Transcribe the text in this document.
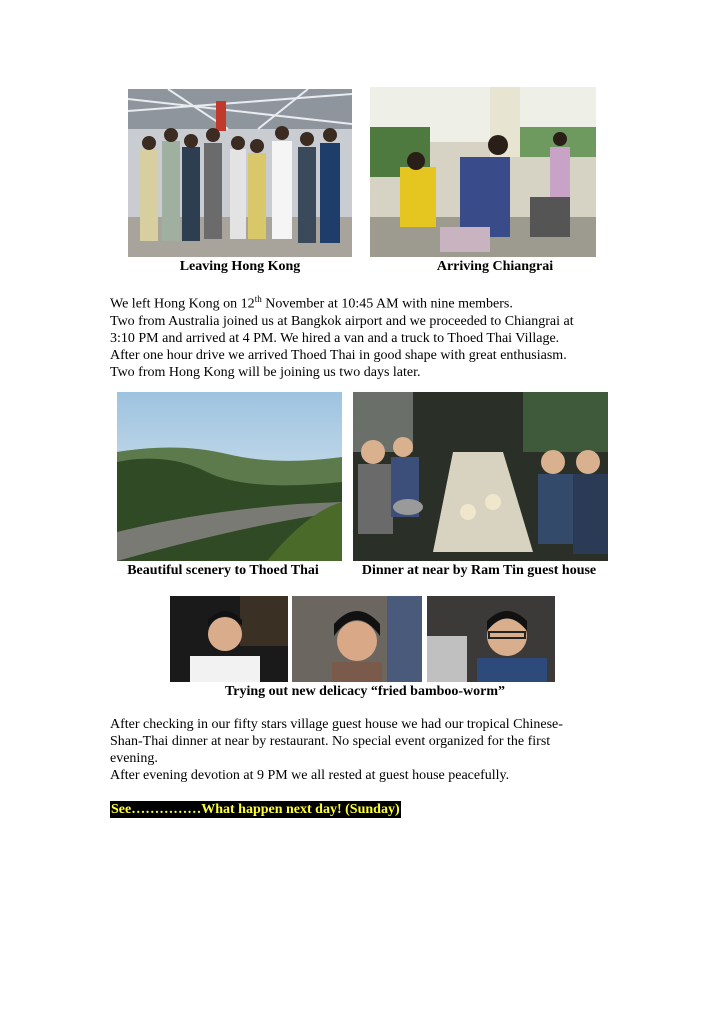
Leaving Hong Kong	Arriving Chiangrai

We left Hong Kong on 12th November at 10:45 AM with nine members.

Two from Australia joined us at Bangkok airport and we proceeded to Chiangrai at

3:10 PM and arrived at 4 PM. We hired a van and a truck to Thoed Thai Village.

After one hour drive we arrived Thoed Thai in good shape with great enthusiasm.

Two from Hong Kong will be joining us two days later.

Beautiful scenery to Thoed Thai	Dinner at near by Ram Tin guest house
Trying out new delicacy “fried bamboo-worm”

After checking in our fifty stars village guest house we had our tropical Chinese-

Shan-Thai dinner at near by restaurant. No special event organized for the first

evening.

After evening devotion at 9 PM we all rested at guest house peacefully.

See……………What happen next day! (Sunday)
